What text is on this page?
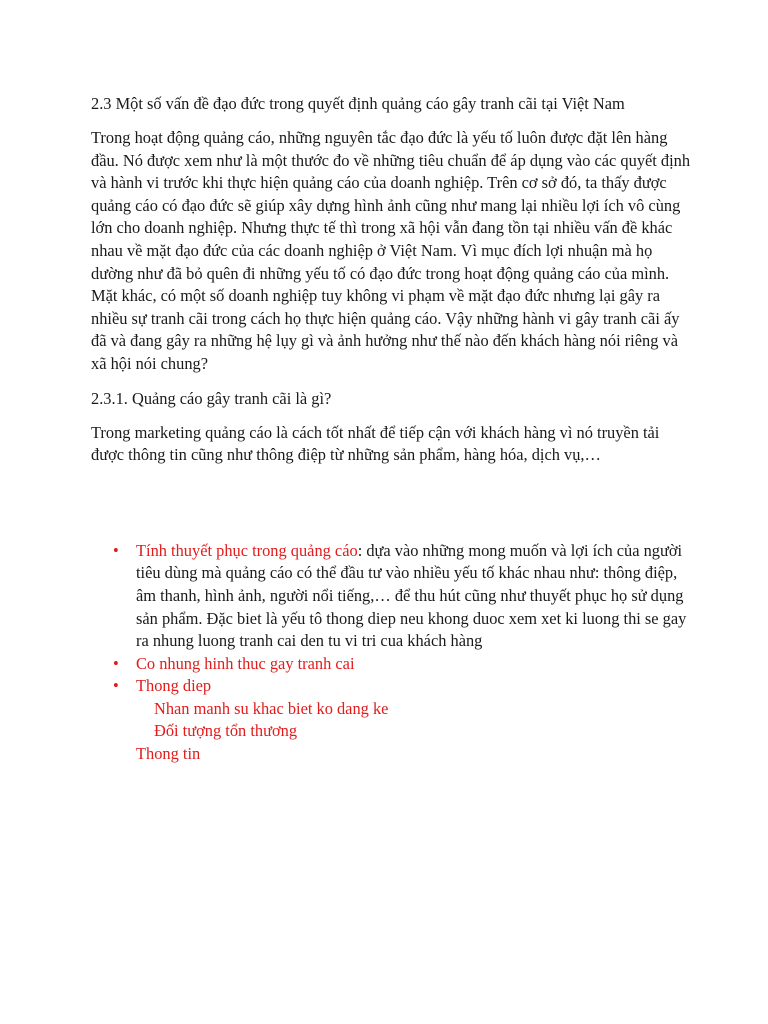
2.3 Một số vấn đề đạo đức trong quyết định quảng cáo gây tranh cãi tại Việt Nam

Trong hoạt động quảng cáo, những nguyên tắc đạo đức là yếu tố luôn được đặt lên hàng đầu. Nó được xem như là một thước đo về những tiêu chuẩn để áp dụng vào các quyết định và hành vi trước khi thực hiện quảng cáo của doanh nghiệp. Trên cơ sở đó, ta thấy được quảng cáo có đạo đức sẽ giúp xây dựng hình ảnh cũng như mang lại nhiều lợi ích vô cùng lớn cho doanh nghiệp. Nhưng thực tế thì trong xã hội vẫn đang tồn tại nhiều vấn đề khác nhau về mặt đạo đức của các doanh nghiệp ở Việt Nam. Vì mục đích lợi nhuận mà họ dường như đã bỏ quên đi những yếu tố có đạo đức trong hoạt động quảng cáo của mình. Mặt khác, có một số doanh nghiệp tuy không vi phạm về mặt đạo đức nhưng lại gây ra nhiều sự tranh cãi trong cách họ thực hiện quảng cáo. Vậy những hành vi gây tranh cãi ấy đã và đang gây ra những hệ lụy gì và ảnh hưởng như thế nào đến khách hàng nói riêng và xã hội nói chung?

2.3.1. Quảng cáo gây tranh cãi là gì?

Trong marketing quảng cáo là cách tốt nhất để tiếp cận với khách hàng vì nó truyền tải được thông tin cũng như thông điệp từ những sản phẩm, hàng hóa, dịch vụ,…

• Tính thuyết phục trong quảng cáo: dựa vào những mong muốn và lợi ích của người tiêu dùng mà quảng cáo có thể đầu tư vào nhiều yếu tố khác nhau như: thông điệp, âm thanh, hình ảnh, người nổi tiếng,… để thu hút cũng như thuyết phục họ sử dụng sản phẩm. Đặc biet là yếu tô thong diep neu khong duoc xem xet ki luong thi se gay ra nhung luong tranh cai den tu vi tri cua khách hàng
• Co nhung hinh thuc gay tranh cai
• Thong diep
Nhan manh su khac biet ko dang ke
Đối tượng tổn thương
Thong tin
